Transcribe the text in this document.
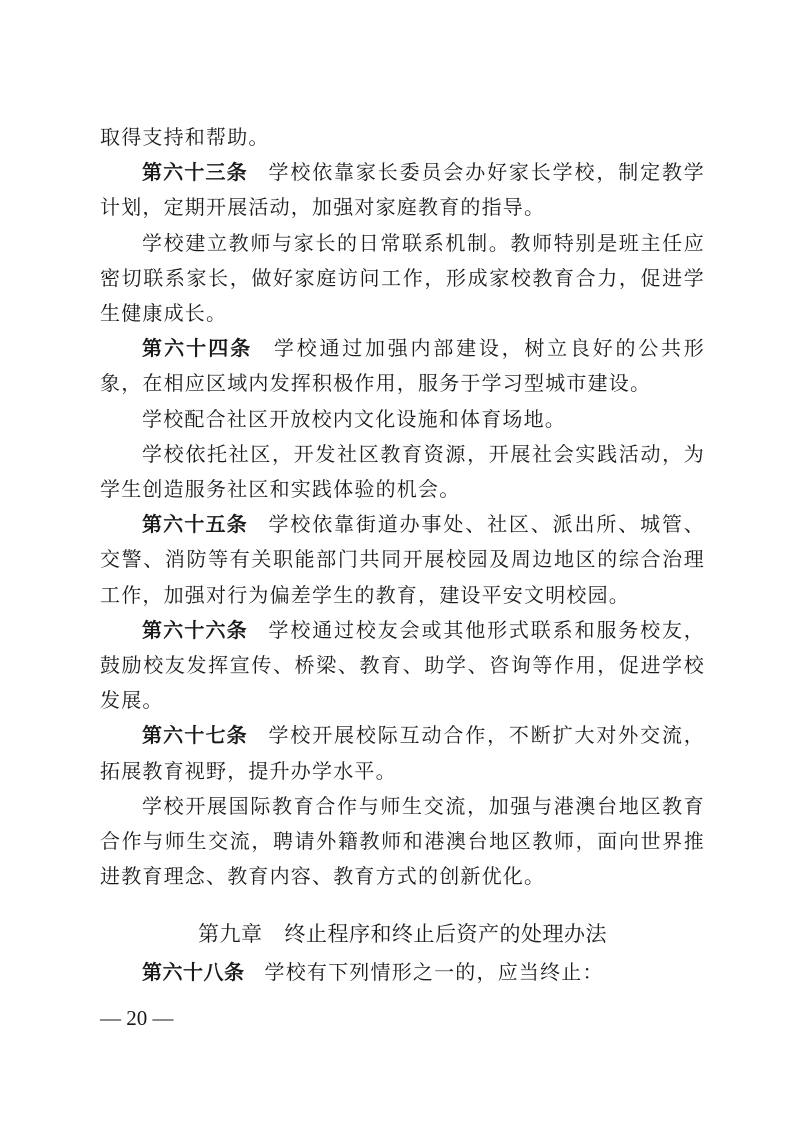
取得支持和帮助。

第六十三条 学校依靠家长委员会办好家长学校，制定教学计划，定期开展活动，加强对家庭教育的指导。

学校建立教师与家长的日常联系机制。教师特别是班主任应密切联系家长，做好家庭访问工作，形成家校教育合力，促进学生健康成长。

第六十四条 学校通过加强内部建设，树立良好的公共形象，在相应区域内发挥积极作用，服务于学习型城市建设。

学校配合社区开放校内文化设施和体育场地。

学校依托社区，开发社区教育资源，开展社会实践活动，为学生创造服务社区和实践体验的机会。

第六十五条 学校依靠街道办事处、社区、派出所、城管、交警、消防等有关职能部门共同开展校园及周边地区的综合治理工作，加强对行为偏差学生的教育，建设平安文明校园。

第六十六条 学校通过校友会或其他形式联系和服务校友，鼓励校友发挥宣传、桥梁、教育、助学、咨询等作用，促进学校发展。

第六十七条 学校开展校际互动合作，不断扩大对外交流，拓展教育视野，提升办学水平。

学校开展国际教育合作与师生交流，加强与港澳台地区教育合作与师生交流，聘请外籍教师和港澳台地区教师，面向世界推进教育理念、教育内容、教育方式的创新优化。

第九章 终止程序和终止后资产的处理办法
第六十八条 学校有下列情形之一的，应当终止：
— 20 —
